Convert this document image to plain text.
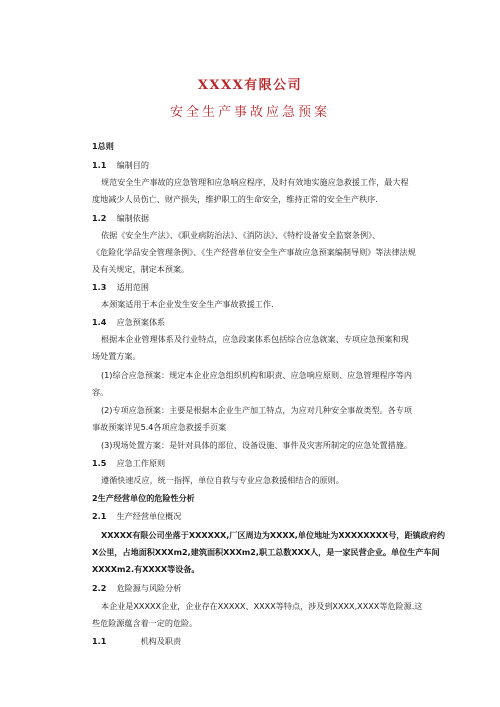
XXXX有限公司
安全生产事故应急预案
1总则
1.1 编制目的
规范安全生产事故的应急管理和应急响应程序，及时有效地实施应急救援工作，最大程
度地减少人员伤亡、财产损失，维护职工的生命安全，维持正常的安全生产秩序.
1.2 编制依据
依据《安全生产法》、《职业病防治法》、《消防法》、《特柠设备安全监察条例》、
《危险化学品安全管理条例》、《生产经营单位安全生产事故应急预案编制导则》等法律法规
及有关规定，制定本预案。
1.3 适用范围
本颈案适用于本企业发生安全生产事故救援工作.
1.4 应急预案体系
根据本企业管理体系及行业特点，应急段案体系包括综合应急就案、专项应急预案和现
场处置方案。
(1)综合应急预案：规定本企业应急组织机构和职责、应急响应原则、应急管理程序等内
容。
(2)专项应急预案：主要是根据本企业生产加工特点，为应对几种安全事故类型。各专项
事故预案详见5.4各项应急救援手页案
(3)现场处置方案：是针对具体的部位、设备设施、事件及灾害所制定的应急处置措施。
1.5 应急工作原则
遵循快速反应，统一指挥，单位自救与专业应急救援相结合的原则。
2生产经营单位的危险性分析
2.1 生产经营单位概况
XXXXX有限公司坐落于XXXXXX,厂区周边为XXXX,单位地址为XXXXXXXX号，距镇政府约
X公里，占地面积XXXm2,建筑面积XXXm2,职工总数XXX人，是一家民营企业。单位生产车间
XXXXm2.有XXXX等设备。
2.2 危险源与风险分析
本企业是XXXXX企业，企业存在XXXXX、XXXX等特点，涉及到XXXX,XXXX等危险源.这
些危险源蕴含着一定的危险。
1.1	机构及职责
